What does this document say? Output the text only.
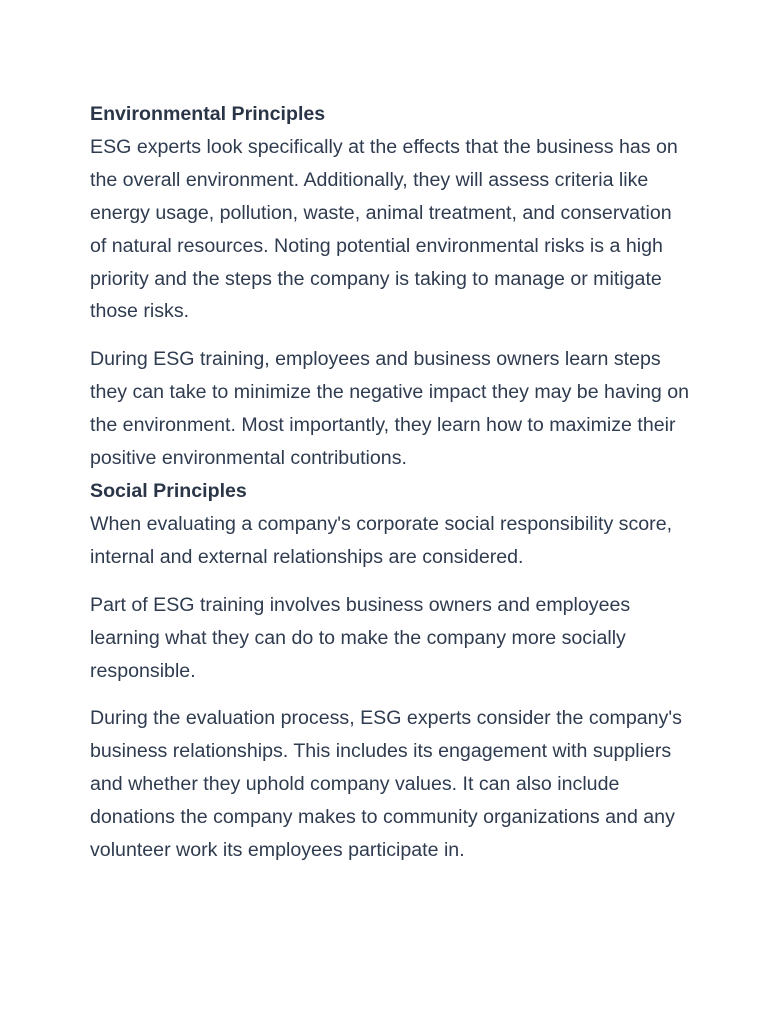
Environmental Principles

ESG experts look specifically at the effects that the business has on the overall environment. Additionally, they will assess criteria like energy usage, pollution, waste, animal treatment, and conservation of natural resources. Noting potential environmental risks is a high priority and the steps the company is taking to manage or mitigate those risks.

During ESG training, employees and business owners learn steps they can take to minimize the negative impact they may be having on the environment. Most importantly, they learn how to maximize their positive environmental contributions.

Social Principles

When evaluating a company's corporate social responsibility score, internal and external relationships are considered.

Part of ESG training involves business owners and employees learning what they can do to make the company more socially responsible.

During the evaluation process, ESG experts consider the company's business relationships. This includes its engagement with suppliers and whether they uphold company values. It can also include donations the company makes to community organizations and any volunteer work its employees participate in.
